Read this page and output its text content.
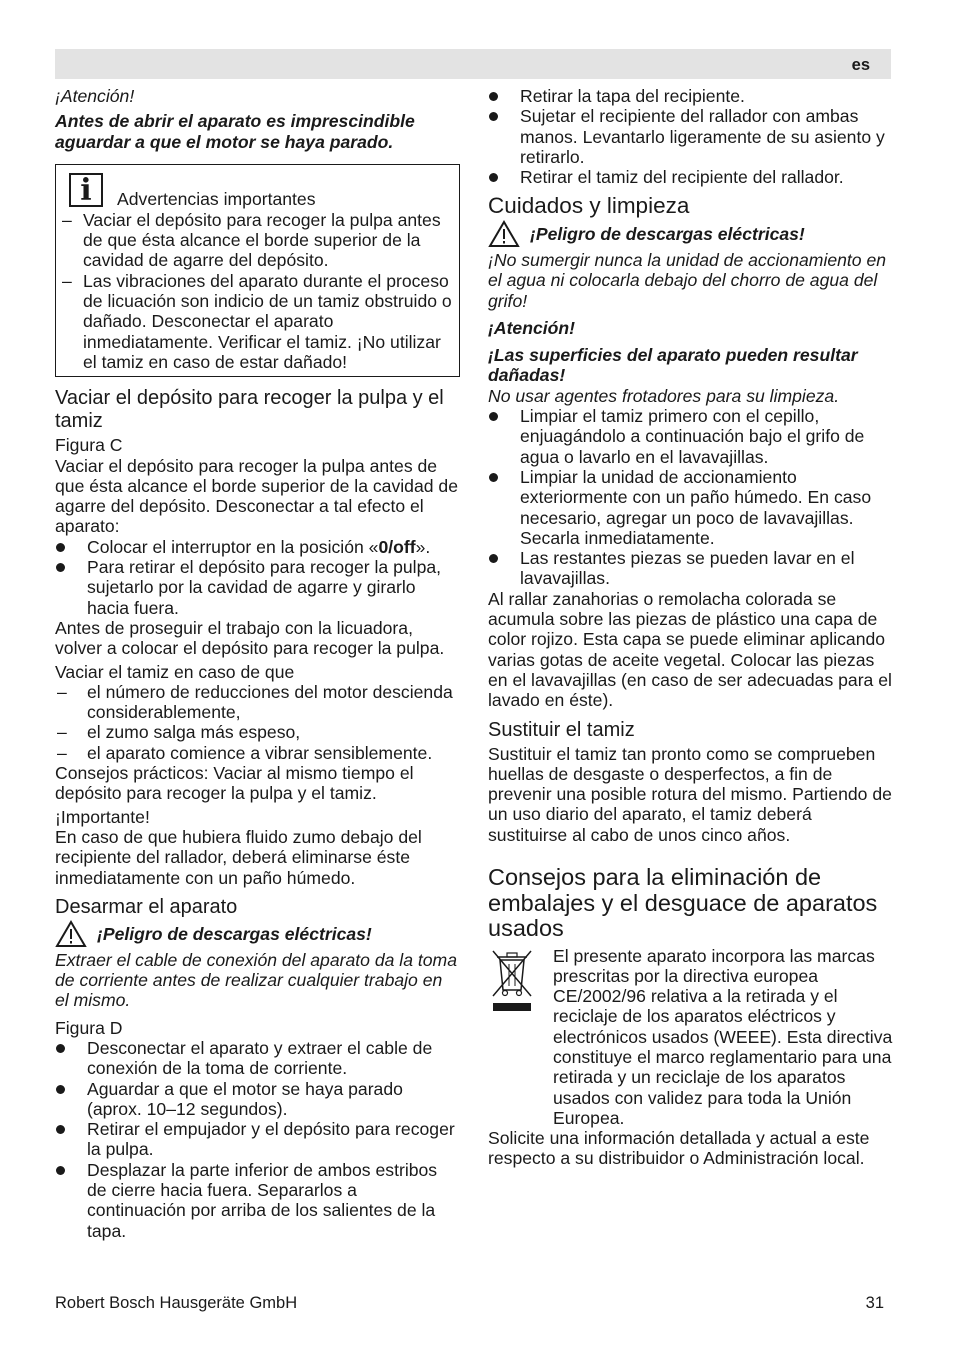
es

¡Atención!

Antes de abrir el aparato es imprescindible aguardar a que el motor se haya parado.

i	Advertencias importantes
– Vaciar el depósito para recoger la pulpa antes de que ésta alcance el borde superior de la cavidad de agarre del depósito.
– Las vibraciones del aparato durante el proceso de licuación son indicio de un tamiz obstruido o dañado. Desconectar el aparato inmediatamente. Verificar el tamiz. ¡No utilizar el tamiz en caso de estar dañado!
Vaciar el depósito para recoger la pulpa y el tamiz

Figura C

Vaciar el depósito para recoger la pulpa antes de que ésta alcance el borde superior de la cavidad de agarre del depósito. Desconectar a tal efecto el aparato:

Colocar el interruptor en la posición «0/off».
Para retirar el depósito para recoger la pulpa, sujetarlo por la cavidad de agarre y girarlo hacia fuera.

Antes de proseguir el trabajo con la licuadora, volver a colocar el depósito para recoger la pulpa.

Vaciar el tamiz en caso de que

– el número de reducciones del motor descienda considerablemente,
– el zumo salga más espeso,
– el aparato comience a vibrar sensiblemente.

Consejos prácticos: Vaciar al mismo tiempo el depósito para recoger la pulpa y el tamiz.

¡Importante!

En caso de que hubiera fluido zumo debajo del recipiente del rallador, deberá eliminarse éste inmediatamente con un paño húmedo.

Desarmar el aparato
¡Peligro de descargas eléctricas!

Extraer el cable de conexión del aparato da la toma de corriente antes de realizar cualquier trabajo en el mismo.

Figura D

Desconectar el aparato y extraer el cable de conexión de la toma de corriente.
Aguardar a que el motor se haya parado (aprox. 10–12 segundos).
Retirar el empujador y el depósito para recoger la pulpa.
Desplazar la parte inferior de ambos estribos de cierre hacia fuera. Separarlos a continuación por arriba de los salientes de la tapa.
Retirar la tapa del recipiente.
Sujetar el recipiente del rallador con ambas manos. Levantarlo ligeramente de su asiento y retirarlo.
Retirar el tamiz del recipiente del rallador.
Cuidados y limpieza
¡Peligro de descargas eléctricas!

¡No sumergir nunca la unidad de accionamiento en el agua ni colocarla debajo del chorro de agua del grifo!

¡Atención!

¡Las superficies del aparato pueden resultar dañadas!

No usar agentes frotadores para su limpieza.

Limpiar el tamiz primero con el cepillo, enjuagándolo a continuación bajo el grifo de agua o lavarlo en el lavavajillas.
Limpiar la unidad de accionamiento exteriormente con un paño húmedo. En caso necesario, agregar un poco de lavavajillas. Secarla inmediatamente.
Las restantes piezas se pueden lavar en el lavavajillas.

Al rallar zanahorias o remolacha colorada se acumula sobre las piezas de plástico una capa de color rojizo. Esta capa se puede eliminar aplicando varias gotas de aceite vegetal. Colocar las piezas en el lavavajillas (en caso de ser adecuadas para el lavado en éste).

Sustituir el tamiz

Sustituir el tamiz tan pronto como se comprueben huellas de desgaste o desperfectos, a fin de prevenir una posible rotura del mismo. Partiendo de un uso diario del aparato, el tamiz deberá sustituirse al cabo de unos cinco años.

Consejos para la eliminación de embalajes y el desguace de aparatos usados

El presente aparato incorpora las marcas prescritas por la directiva europea CE/2002/96 relativa a la retirada y el reciclaje de los aparatos eléctricos y electrónicos usados (WEEE). Esta directiva constituye el marco reglamentario para una retirada y un reciclaje de los aparatos usados con validez para toda la Unión Europea.

Solicite una información detallada y actual a este respecto a su distribuidor o Administración local.

Robert Bosch Hausgeräte GmbH	31
